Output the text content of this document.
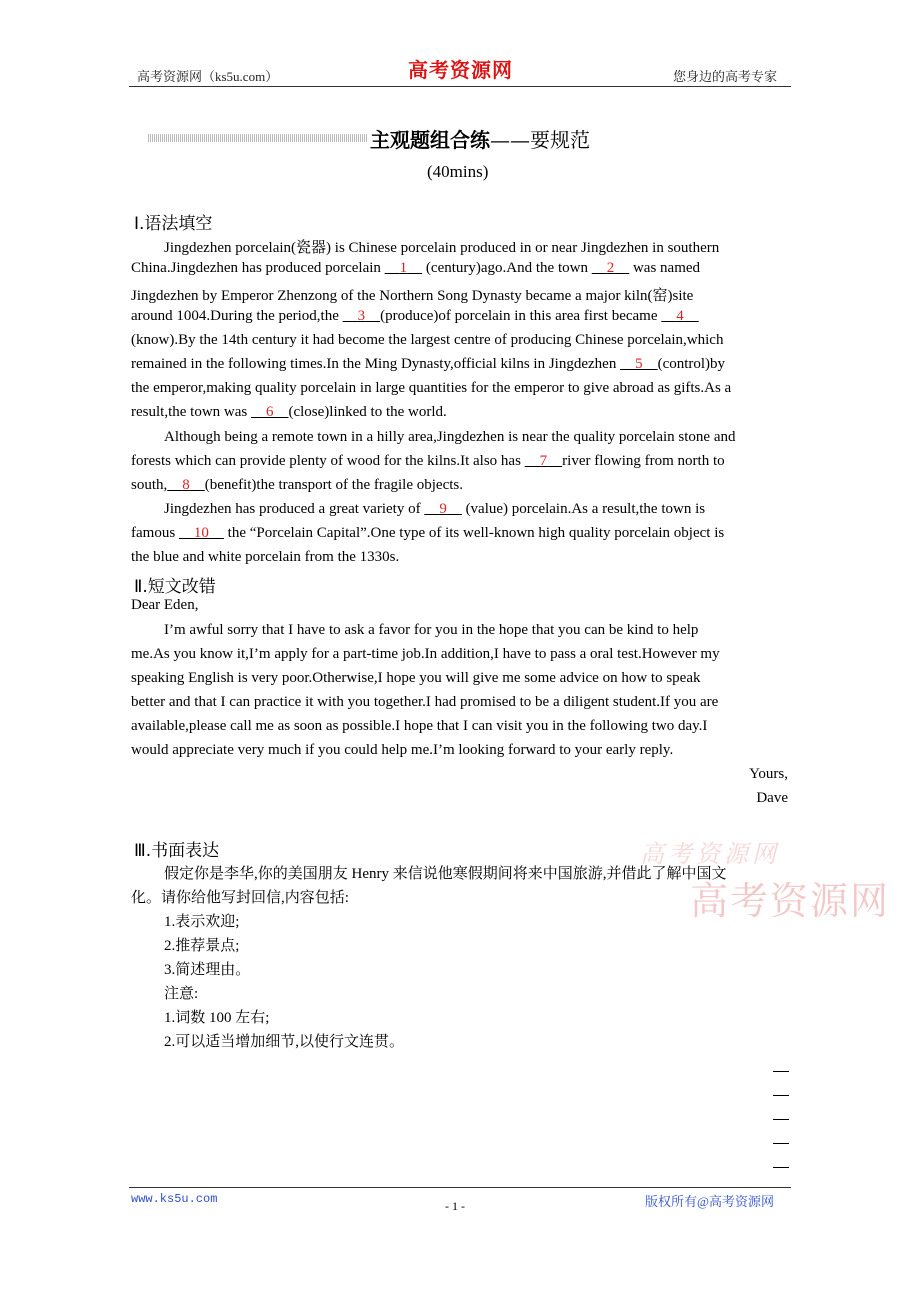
高考资源网（ks5u.com）	高考资源网	您身边的高考专家
主观题组合练——要规范
(40mins)
Ⅰ.语法填空
Jingdezhen porcelain(瓷器) is Chinese porcelain produced in or near Jingdezhen in southern
China.Jingdezhen has produced porcelain     1     (century)ago.And the town     2     was named
Jingdezhen by Emperor Zhenzong of the Northern Song Dynasty became a major kiln(窑)site
around 1004.During the period,the     3 (produce)of porcelain in this area first became     4
(know).By the 14th century it had become the largest centre of producing Chinese porcelain,which
remained in the following times.In the Ming Dynasty,official kilns in Jingdezhen     5 (control)by
the emperor,making quality porcelain in large quantities for the emperor to give abroad as gifts.As a
result,the town was     6 (close)linked to the world.
Although being a remote town in a hilly area,Jingdezhen is near the quality porcelain stone and
forests which can provide plenty of wood for the kilns.It also has     7 river flowing from north to
south, 8 (benefit)the transport of the fragile objects.
Jingdezhen has produced a great variety of     9     (value) porcelain.As a result,the town is
famous     10     the “Porcelain Capital”.One type of its well-known high quality porcelain object is
the blue and white porcelain from the 1330s.
Ⅱ.短文改错
Dear Eden,
I’m awful sorry that I have to ask a favor for you in the hope that you can be kind to help
me.As you know it,I’m apply for a part-time job.In addition,I have to pass a oral test.However my
speaking English is very poor.Otherwise,I hope you will give me some advice on how to speak
better and that I can practice it with you together.I had promised to be a diligent student.If you are
available,please call me as soon as possible.I hope that I can visit you in the following two day.I
would appreciate very much if you could help me.I’m looking forward to your early reply.
Yours,
Dave
Ⅲ.书面表达	高考资源网
高考资源网
假定你是李华,你的美国朋友 Henry 来信说他寒假期间将来中国旅游,并借此了解中国文
化。请你给他写封回信,内容包括:
1.表示欢迎;
2.推荐景点;
3.简述理由。
注意:
1.词数 100 左右;
2.可以适当增加细节,以使行文连贯。
www.ks5u.com	- 1 -	版权所有@高考资源网
